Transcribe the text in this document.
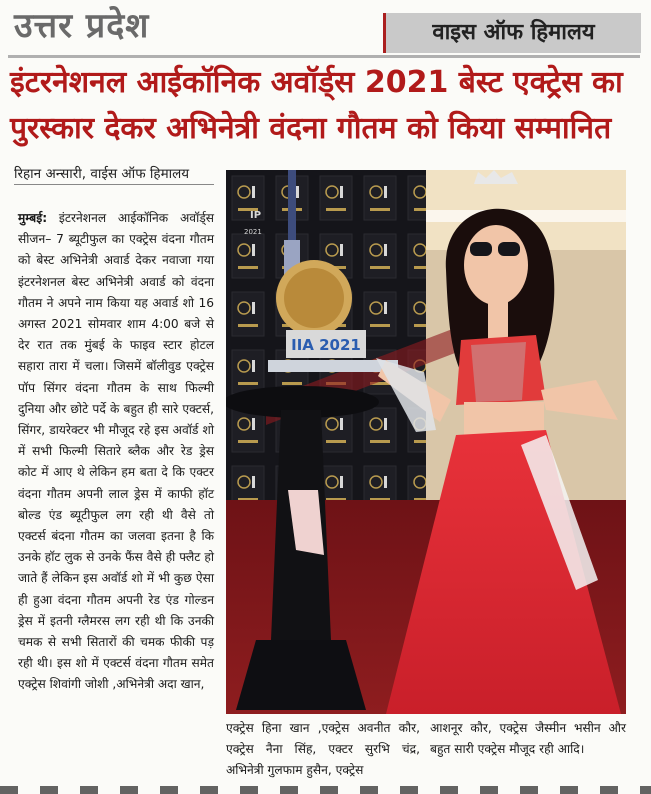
उत्तर प्रदेश	वाइस ऑफ हिमालय
इंटरनेशनल आईकॉनिक अवॉर्ड्स 2021 बेस्ट एक्ट्रेस का पुरस्कार देकर अभिनेत्री वंदना गौतम को किया सम्मानित
रिहान अन्सारी, वाईस ऑफ हिमालय

मुम्बई: इंटरनेशनल आईकॉनिक अवॉर्ड्स सीजन– 7 ब्यूटीफुल का एक्ट्रेस वंदना गौतम को बेस्ट अभिनेत्री अवार्ड देकर नवाजा गया इंटरनेशनल बेस्ट अभिनेत्री अवार्ड को वंदना गौतम ने अपने नाम किया यह अवार्ड शो 16 अगस्त 2021 सोमवार शाम 4:00 बजे से देर रात तक मुंबई के फाइव स्टार होटल सहारा तारा में चला। जिसमें बॉलीवुड एक्ट्रेस पॉप सिंगर वंदना गौतम के साथ फिल्मी दुनिया और छोटे पर्दे के बहुत ही सारे एक्टर्स, सिंगर, डायरेक्टर भी मौजूद रहे इस अवॉर्ड शो में सभी फिल्मी सितारे ब्लैक और रेड ड्रेस कोट में आए थे लेकिन हम बता दे कि एक्टर वंदना गौतम अपनी लाल ड्रेस में काफी हॉट बोल्ड एंड ब्यूटीफुल लग रही थी वैसे तो एक्टर्स बंदना गौतम का जलवा इतना है कि उनके हॉट लुक से उनके फैंस वैसे ही फ्लैट हो जाते हैं लेकिन इस अवॉर्ड शो में भी कुछ ऐसा ही हुआ वंदना गौतम अपनी रेड एंड गोल्डन ड्रेस में इतनी ग्लैमरस लग रही थी कि उनकी चमक से सभी सितारों की चमक फीकी पड़ रही थी। इस शो में एक्टर्स वंदना गौतम समेत एक्ट्रेस शिवांगी जोशी ,अभिनेत्री अदा खान,

IIA 2021
IP
2021

एक्ट्रेस हिना खान ,एक्ट्रेस अवनीत कौर, एक्ट्रेस नैना सिंह, एक्टर सुरभि चंद्र, अभिनेत्री गुलफाम हुसैन, एक्ट्रेस

आशनूर कौर, एक्ट्रेस जैस्मीन भसीन और बहुत सारी एक्ट्रेस मौजूद रही आदि।
